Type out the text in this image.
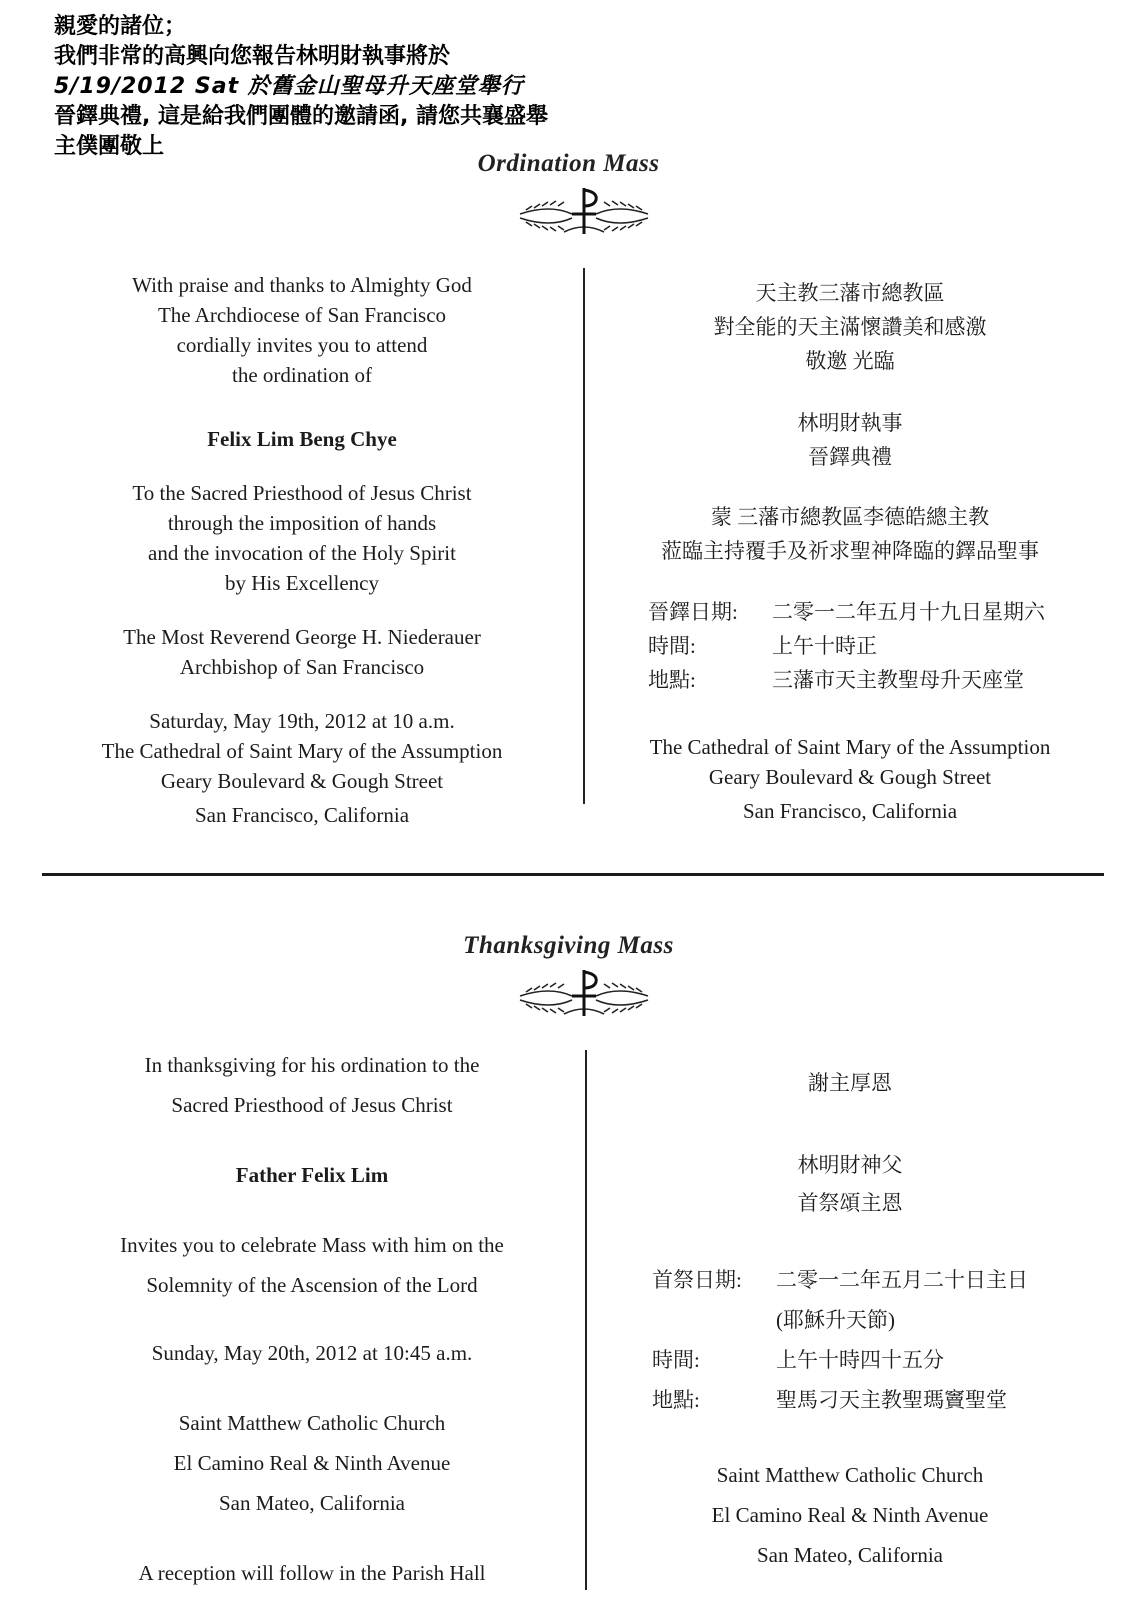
親愛的諸位；
我們非常的高興向您報告林明財執事將於
5/19/2012 Sat 於舊金山聖母升天座堂舉行
晉鐸典禮, 這是給我們團體的邀請函, 請您共襄盛舉
主僕團敬上
Ordination Mass
With praise and thanks to Almighty God
The Archdiocese of San Francisco
cordially invites you to attend
the ordination of
Felix Lim Beng Chye
To the Sacred Priesthood of Jesus Christ
through the imposition of hands
and the invocation of the Holy Spirit
by His Excellency
The Most Reverend George H. Niederauer
Archbishop of San Francisco
Saturday, May 19th, 2012 at 10 a.m.
The Cathedral of Saint Mary of the Assumption
Geary Boulevard & Gough Street
San Francisco, California
天主教三藩市總教區
對全能的天主滿懷讚美和感激
敬邀 光臨
林明財執事
晉鐸典禮
蒙 三藩市總教區李德皓總主教
蒞臨主持覆手及祈求聖神降臨的鐸品聖事
The Cathedral of Saint Mary of the Assumption
Geary Boulevard & Gough Street
San Francisco, California
晉鐸日期: 二零一二年五月十九日星期六
時間:	上午十時正
地點:	三藩市天主教聖母升天座堂
Thanksgiving Mass
In thanksgiving for his ordination to the
Sacred Priesthood of Jesus Christ
Father Felix Lim
Invites you to celebrate Mass with him on the
Solemnity of the Ascension of the Lord
Sunday, May 20th, 2012 at 10:45 a.m.
Saint Matthew Catholic Church
El Camino Real & Ninth Avenue
San Mateo, California
A reception will follow in the Parish Hall
謝主厚恩
林明財神父
首祭頌主恩
Saint Matthew Catholic Church
El Camino Real & Ninth Avenue
San Mateo, California
首祭日期: 二零一二年五月二十日主日
(耶穌升天節)
時間:	上午十時四十五分
地點:	聖馬刁天主教聖瑪竇聖堂
